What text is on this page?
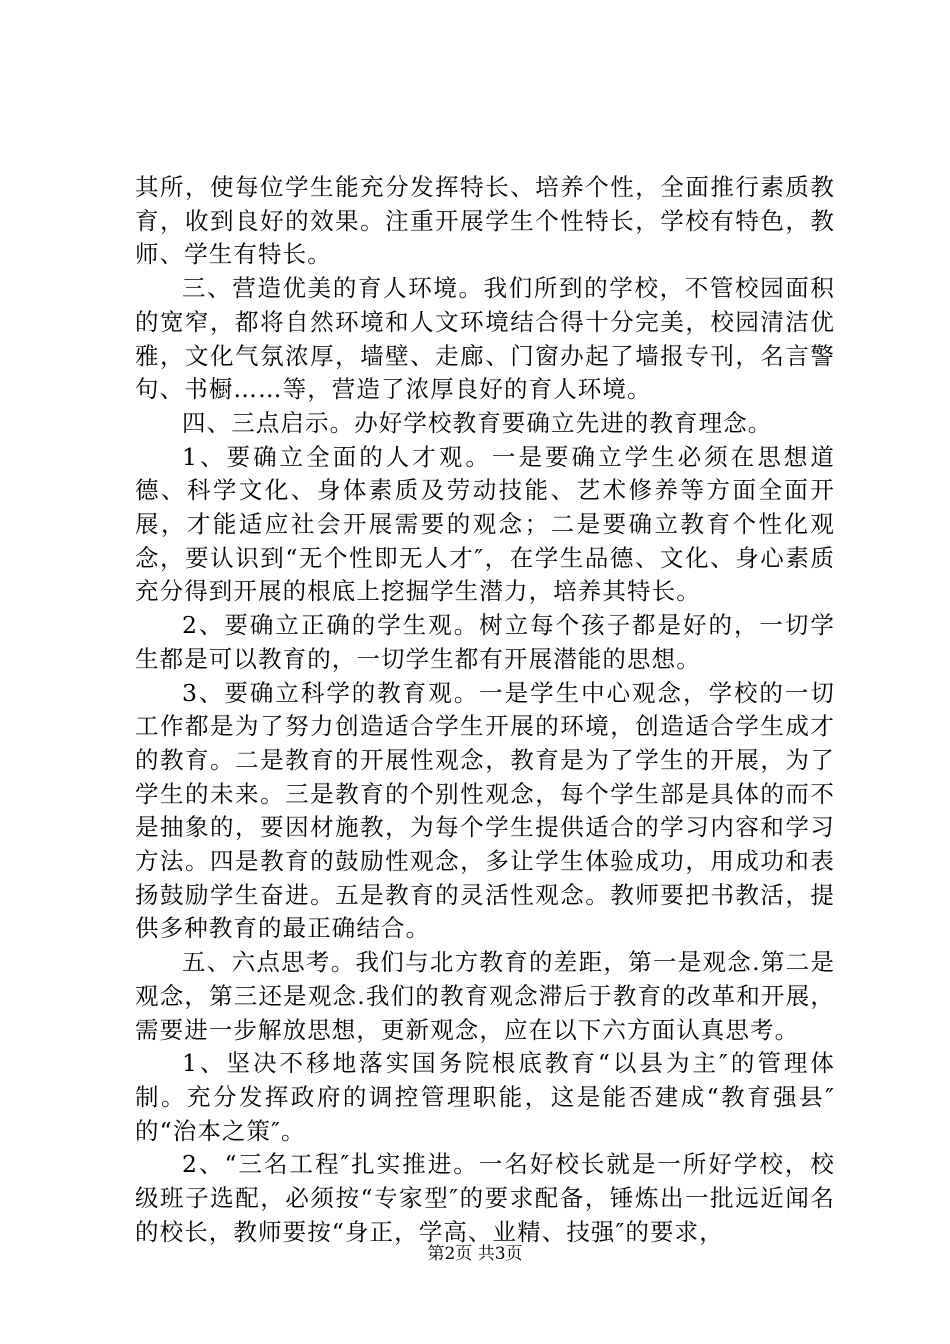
其所，使每位学生能充分发挥特长、培养个性，全面推行素质教育，收到良好的效果。注重开展学生个性特长，学校有特色，教师、学生有特长。

三、营造优美的育人环境。我们所到的学校，不管校园面积的宽窄，都将自然环境和人文环境结合得十分完美，校园清洁优雅，文化气氛浓厚，墙壁、走廊、门窗办起了墙报专刊，名言警句、书橱……等，营造了浓厚良好的育人环境。

四、三点启示。办好学校教育要确立先进的教育理念。

1、要确立全面的人才观。一是要确立学生必须在思想道德、科学文化、身体素质及劳动技能、艺术修养等方面全面开展，才能适应社会开展需要的观念；二是要确立教育个性化观念，要认识到“无个性即无人才″，在学生品德、文化、身心素质充分得到开展的根底上挖掘学生潜力，培养其特长。

2、要确立正确的学生观。树立每个孩子都是好的，一切学生都是可以教育的，一切学生都有开展潜能的思想。

3、要确立科学的教育观。一是学生中心观念，学校的一切工作都是为了努力创造适合学生开展的环境，创造适合学生成才的教育。二是教育的开展性观念，教育是为了学生的开展，为了学生的未来。三是教育的个别性观念，每个学生部是具体的而不是抽象的，要因材施教，为每个学生提供适合的学习内容和学习方法。四是教育的鼓励性观念，多让学生体验成功，用成功和表扬鼓励学生奋进。五是教育的灵活性观念。教师要把书教活，提供多种教育的最正确结合。

五、六点思考。我们与北方教育的差距，第一是观念.第二是观念，第三还是观念.我们的教育观念滞后于教育的改革和开展，需要进一步解放思想，更新观念，应在以下六方面认真思考。

1、坚决不移地落实国务院根底教育“以县为主″的管理体制。充分发挥政府的调控管理职能，这是能否建成“教育强县″的“治本之策″。

2、“三名工程″扎实推进。一名好校长就是一所好学校，校级班子选配，必须按“专家型″的要求配备，锤炼出一批远近闻名的校长，教师要按“身正，学高、业精、技强″的要求，

第2页 共3页
